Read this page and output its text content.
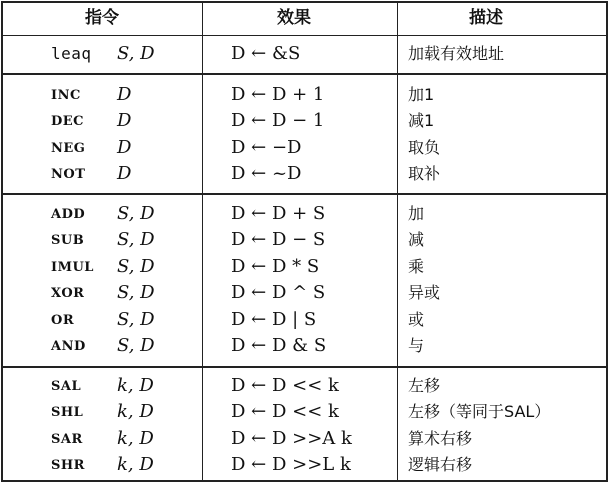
指令	效果	描述
leaq S, D	D ← &S	加载有效地址
INC D	D ← D + 1	加1
DEC D	D ← D − 1	减1
NEG D	D ← −D	取负
NOT D	D ← ~D	取补
ADD S, D	D ← D + S	加
SUB S, D	D ← D − S	减
IMUL S, D	D ← D * S	乘
XOR S, D	D ← D ^ S	异或
OR S, D	D ← D | S	或
AND S, D	D ← D & S	与
SAL k, D	D ← D << k	左移
SHL k, D	D ← D << k	左移（等同于SAL）
SAR k, D	D ← D >>A k	算术右移
SHR k, D	D ← D >>L k	逻辑右移
